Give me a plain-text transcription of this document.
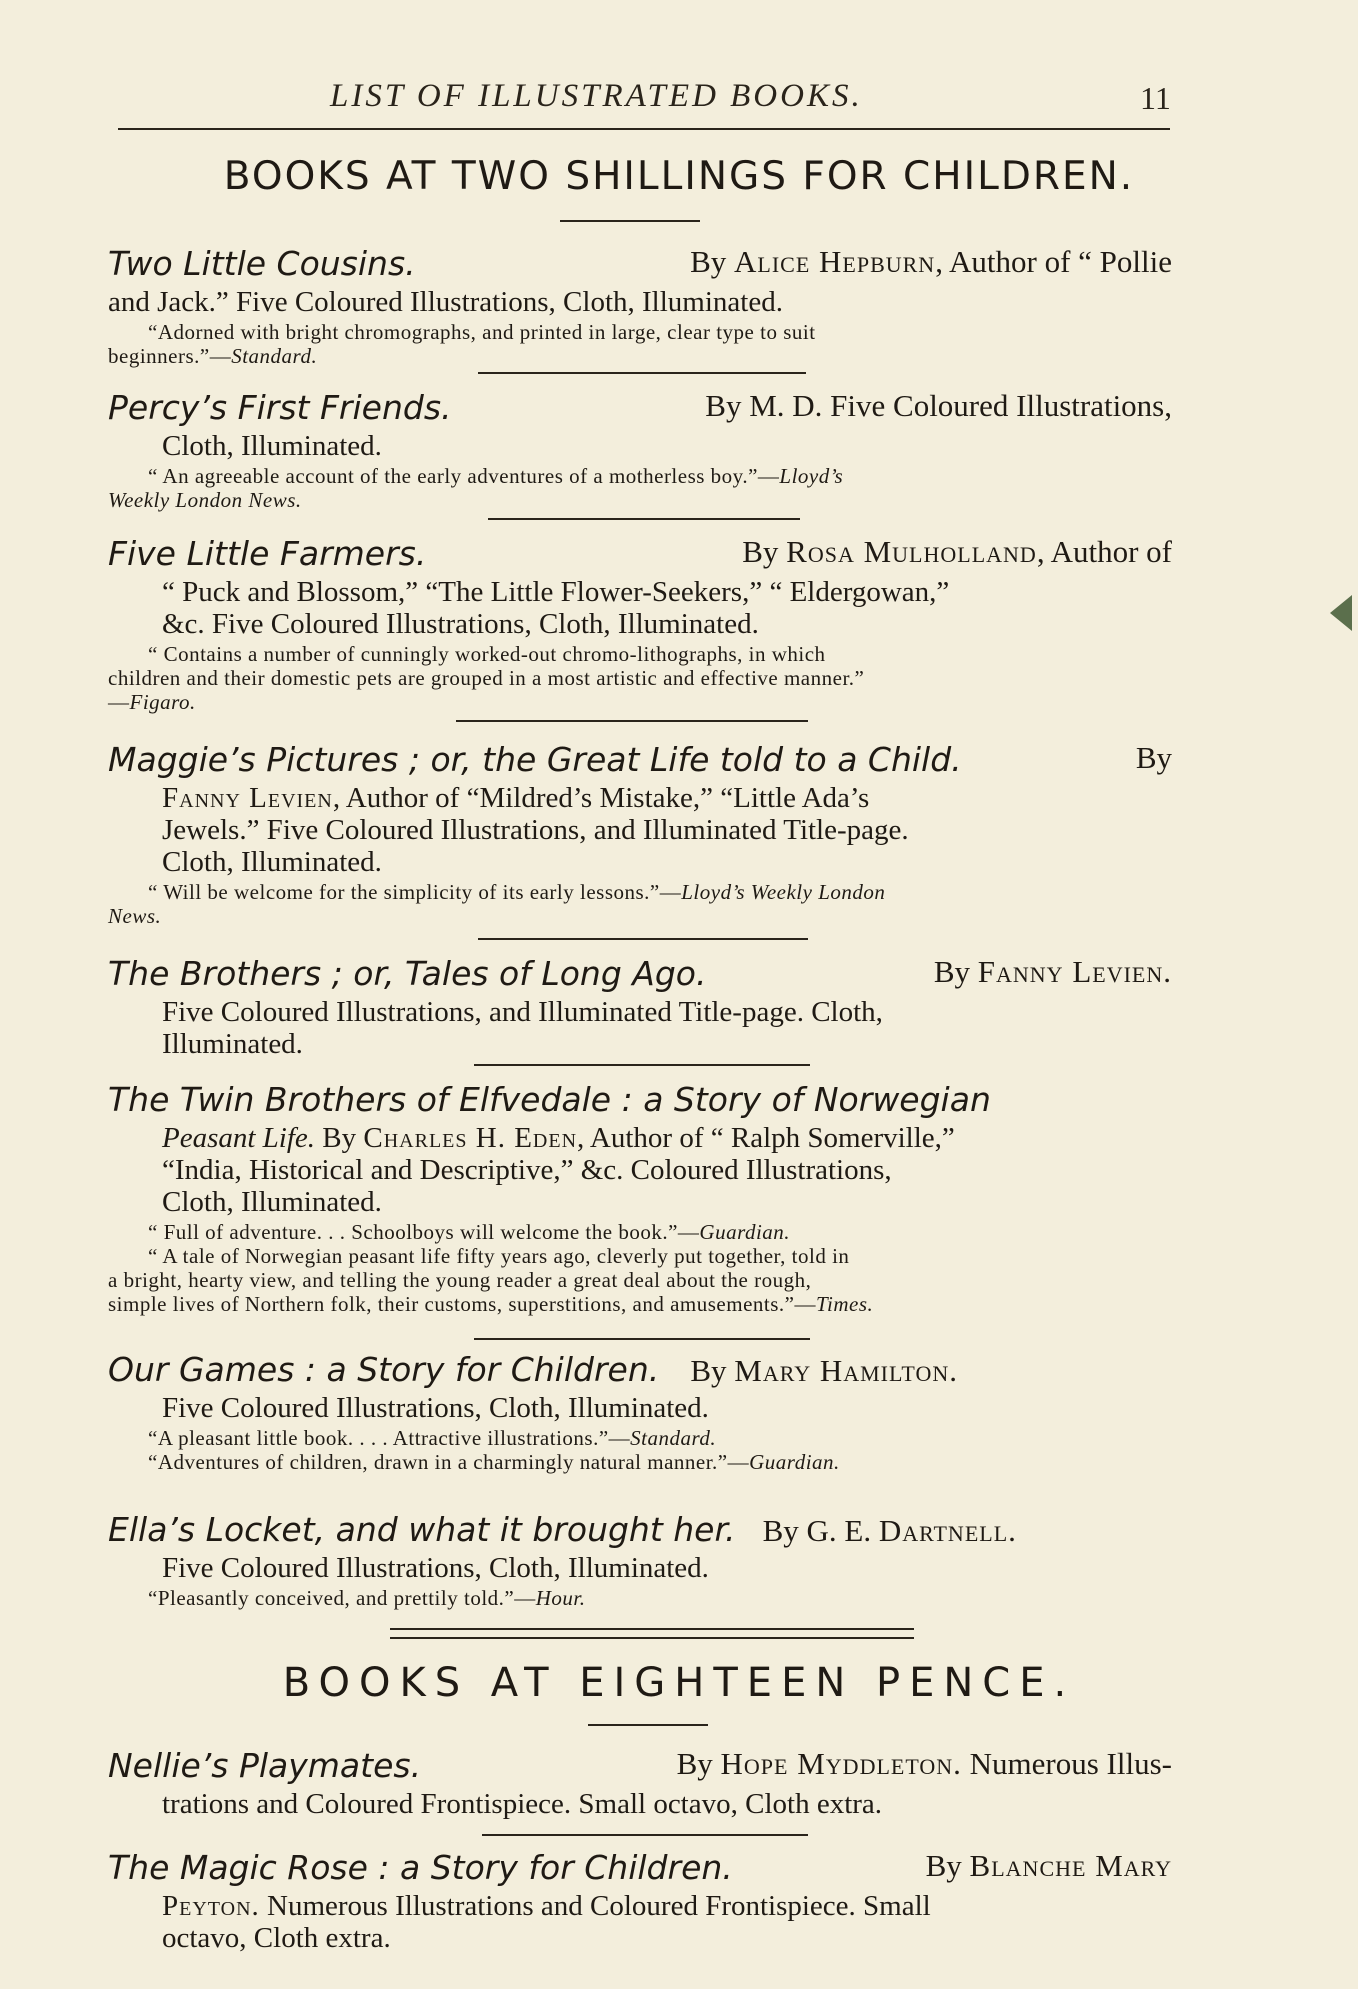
LIST OF ILLUSTRATED BOOKS.	11
BOOKS AT TWO SHILLINGS FOR CHILDREN.
Two Little Cousins.	By Alice Hepburn, Author of “ Pollie
and Jack.” Five Coloured Illustrations, Cloth, Illuminated.
“Adorned with bright chromographs, and printed in large, clear type to suit
beginners.”—Standard.
Percy’s First Friends.	By M. D. Five Coloured Illustrations,
Cloth, Illuminated.
“ An agreeable account of the early adventures of a motherless boy.”—Lloyd’s
Weekly London News.
Five Little Farmers.	By Rosa Mulholland, Author of
“ Puck and Blossom,” “The Little Flower-Seekers,” “ Eldergowan,”
&c. Five Coloured Illustrations, Cloth, Illuminated.
“ Contains a number of cunningly worked-out chromo-lithographs, in which
children and their domestic pets are grouped in a most artistic and effective manner.”
—Figaro.
Maggie’s Pictures ; or, the Great Life told to a Child.	By
Fanny Levien, Author of “Mildred’s Mistake,” “Little Ada’s
Jewels.” Five Coloured Illustrations, and Illuminated Title-page.
Cloth, Illuminated.
“ Will be welcome for the simplicity of its early lessons.”—Lloyd’s Weekly London
News.
The Brothers ; or, Tales of Long Ago.	By Fanny Levien.
Five Coloured Illustrations, and Illuminated Title-page. Cloth,
Illuminated.
The Twin Brothers of Elfvedale : a Story of Norwegian
Peasant Life. By Charles H. Eden, Author of “ Ralph Somerville,”
“India, Historical and Descriptive,” &c. Coloured Illustrations,
Cloth, Illuminated.
“ Full of adventure. . . Schoolboys will welcome the book.”—Guardian.
“ A tale of Norwegian peasant life fifty years ago, cleverly put together, told in
a bright, hearty view, and telling the young reader a great deal about the rough,
simple lives of Northern folk, their customs, superstitions, and amusements.”—Times.
Our Games : a Story for Children. By Mary Hamilton.
Five Coloured Illustrations, Cloth, Illuminated.
“A pleasant little book. . . . Attractive illustrations.”—Standard.
“Adventures of children, drawn in a charmingly natural manner.”—Guardian.
Ella’s Locket, and what it brought her. By G. E. Dartnell.
Five Coloured Illustrations, Cloth, Illuminated.
“Pleasantly conceived, and prettily told.”—Hour.
BOOKS AT EIGHTEEN PENCE.
Nellie’s Playmates.	By Hope Myddleton. Numerous Illus-
trations and Coloured Frontispiece. Small octavo, Cloth extra.
The Magic Rose : a Story for Children.	By Blanche Mary
Peyton. Numerous Illustrations and Coloured Frontispiece. Small
octavo, Cloth extra.
